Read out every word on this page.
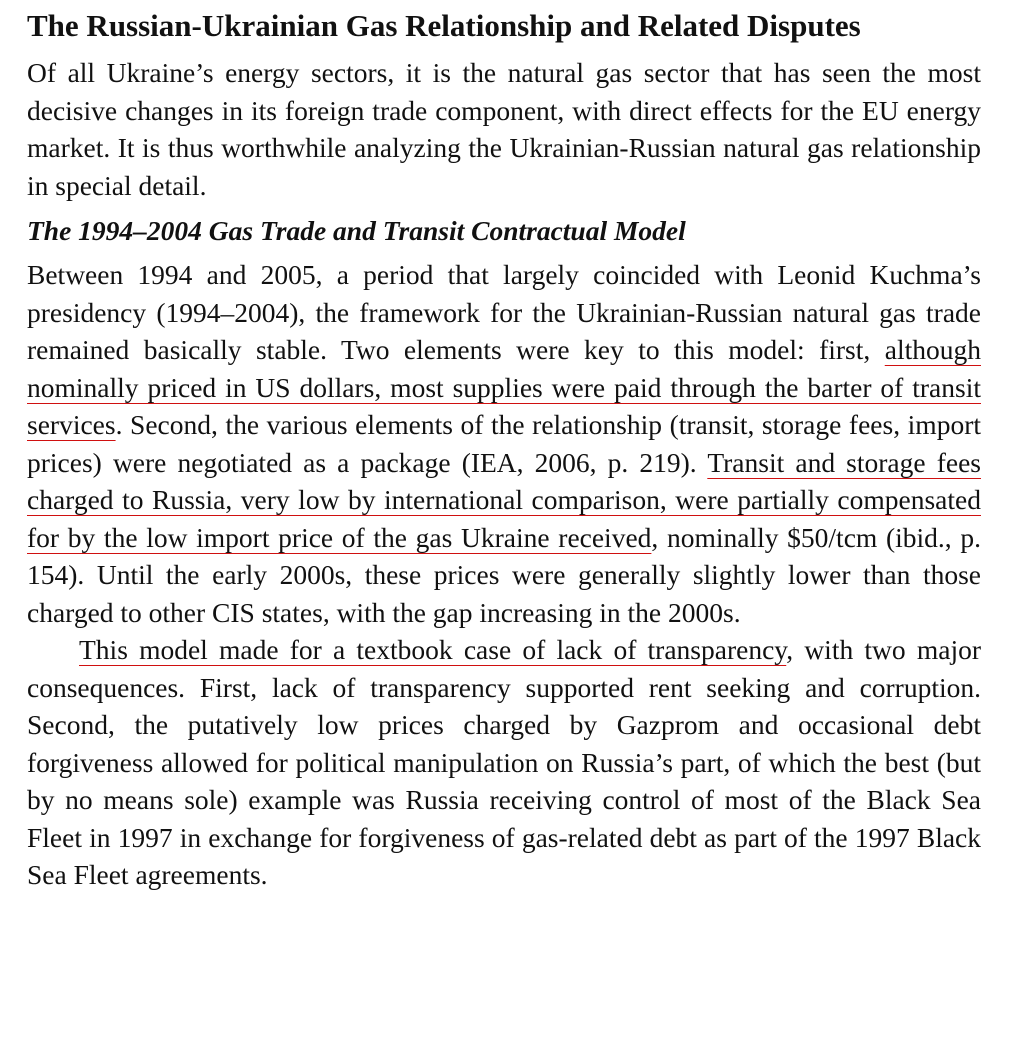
The Russian-Ukrainian Gas Relationship and Related Disputes

Of all Ukraine’s energy sectors, it is the natural gas sector that has seen the most decisive changes in its foreign trade component, with direct effects for the EU energy market. It is thus worthwhile analyzing the Ukrainian-Russian natural gas relationship in special detail.

The 1994–2004 Gas Trade and Transit Contractual Model

Between 1994 and 2005, a period that largely coincided with Leonid Kuchma’s presidency (1994–2004), the framework for the Ukrainian-Russian natural gas trade remained basically stable. Two elements were key to this model: first, although nominally priced in US dollars, most supplies were paid through the barter of transit services. Second, the various elements of the relationship (transit, storage fees, import prices) were negotiated as a package (IEA, 2006, p. 219). Transit and storage fees charged to Russia, very low by international comparison, were partially compensated for by the low import price of the gas Ukraine received, nominally $50/tcm (ibid., p. 154). Until the early 2000s, these prices were generally slightly lower than those charged to other CIS states, with the gap increasing in the 2000s.

This model made for a textbook case of lack of transparency, with two major consequences. First, lack of transparency supported rent seeking and corruption. Second, the putatively low prices charged by Gazprom and occasional debt forgiveness allowed for political manipulation on Russia’s part, of which the best (but by no means sole) example was Russia receiving control of most of the Black Sea Fleet in 1997 in exchange for forgiveness of gas-related debt as part of the 1997 Black Sea Fleet agreements.
